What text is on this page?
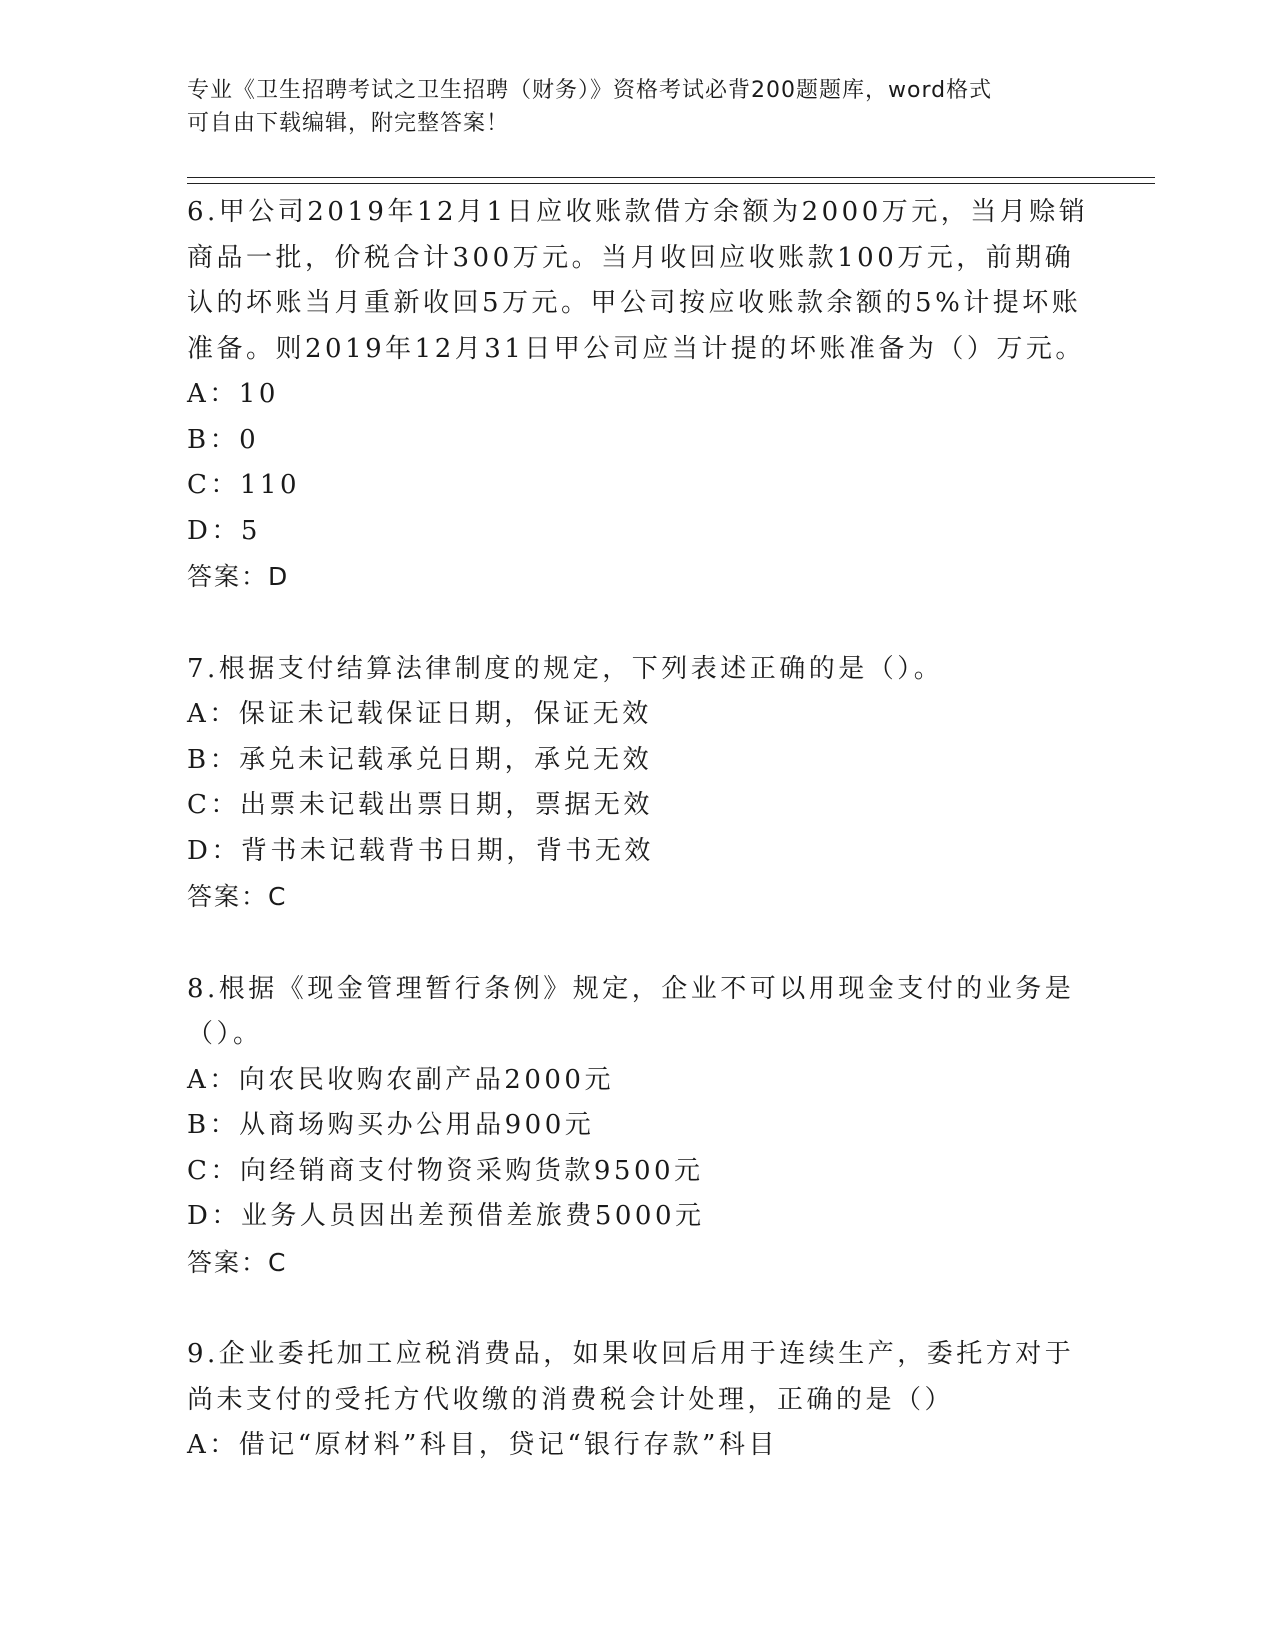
专业《卫生招聘考试之卫生招聘（财务）》资格考试必背200题题库，word格式
可自由下载编辑，附完整答案！
6.甲公司2019年12月1日应收账款借方余额为2000万元，当月赊销
商品一批，价税合计300万元。当月收回应收账款100万元，前期确
认的坏账当月重新收回5万元。甲公司按应收账款余额的5%计提坏账
准备。则2019年12月31日甲公司应当计提的坏账准备为（）万元。
A：10
B：0
C：110
D：5
答案：D
7.根据支付结算法律制度的规定，下列表述正确的是（）。
A：保证未记载保证日期，保证无效
B：承兑未记载承兑日期，承兑无效
C：出票未记载出票日期，票据无效
D：背书未记载背书日期，背书无效
答案：C
8.根据《现金管理暂行条例》规定，企业不可以用现金支付的业务是
（）。
A：向农民收购农副产品2000元
B：从商场购买办公用品900元
C：向经销商支付物资采购货款9500元
D：业务人员因出差预借差旅费5000元
答案：C
9.企业委托加工应税消费品，如果收回后用于连续生产，委托方对于
尚未支付的受托方代收缴的消费税会计处理，正确的是（）
A：借记“原材料”科目，贷记“银行存款”科目
